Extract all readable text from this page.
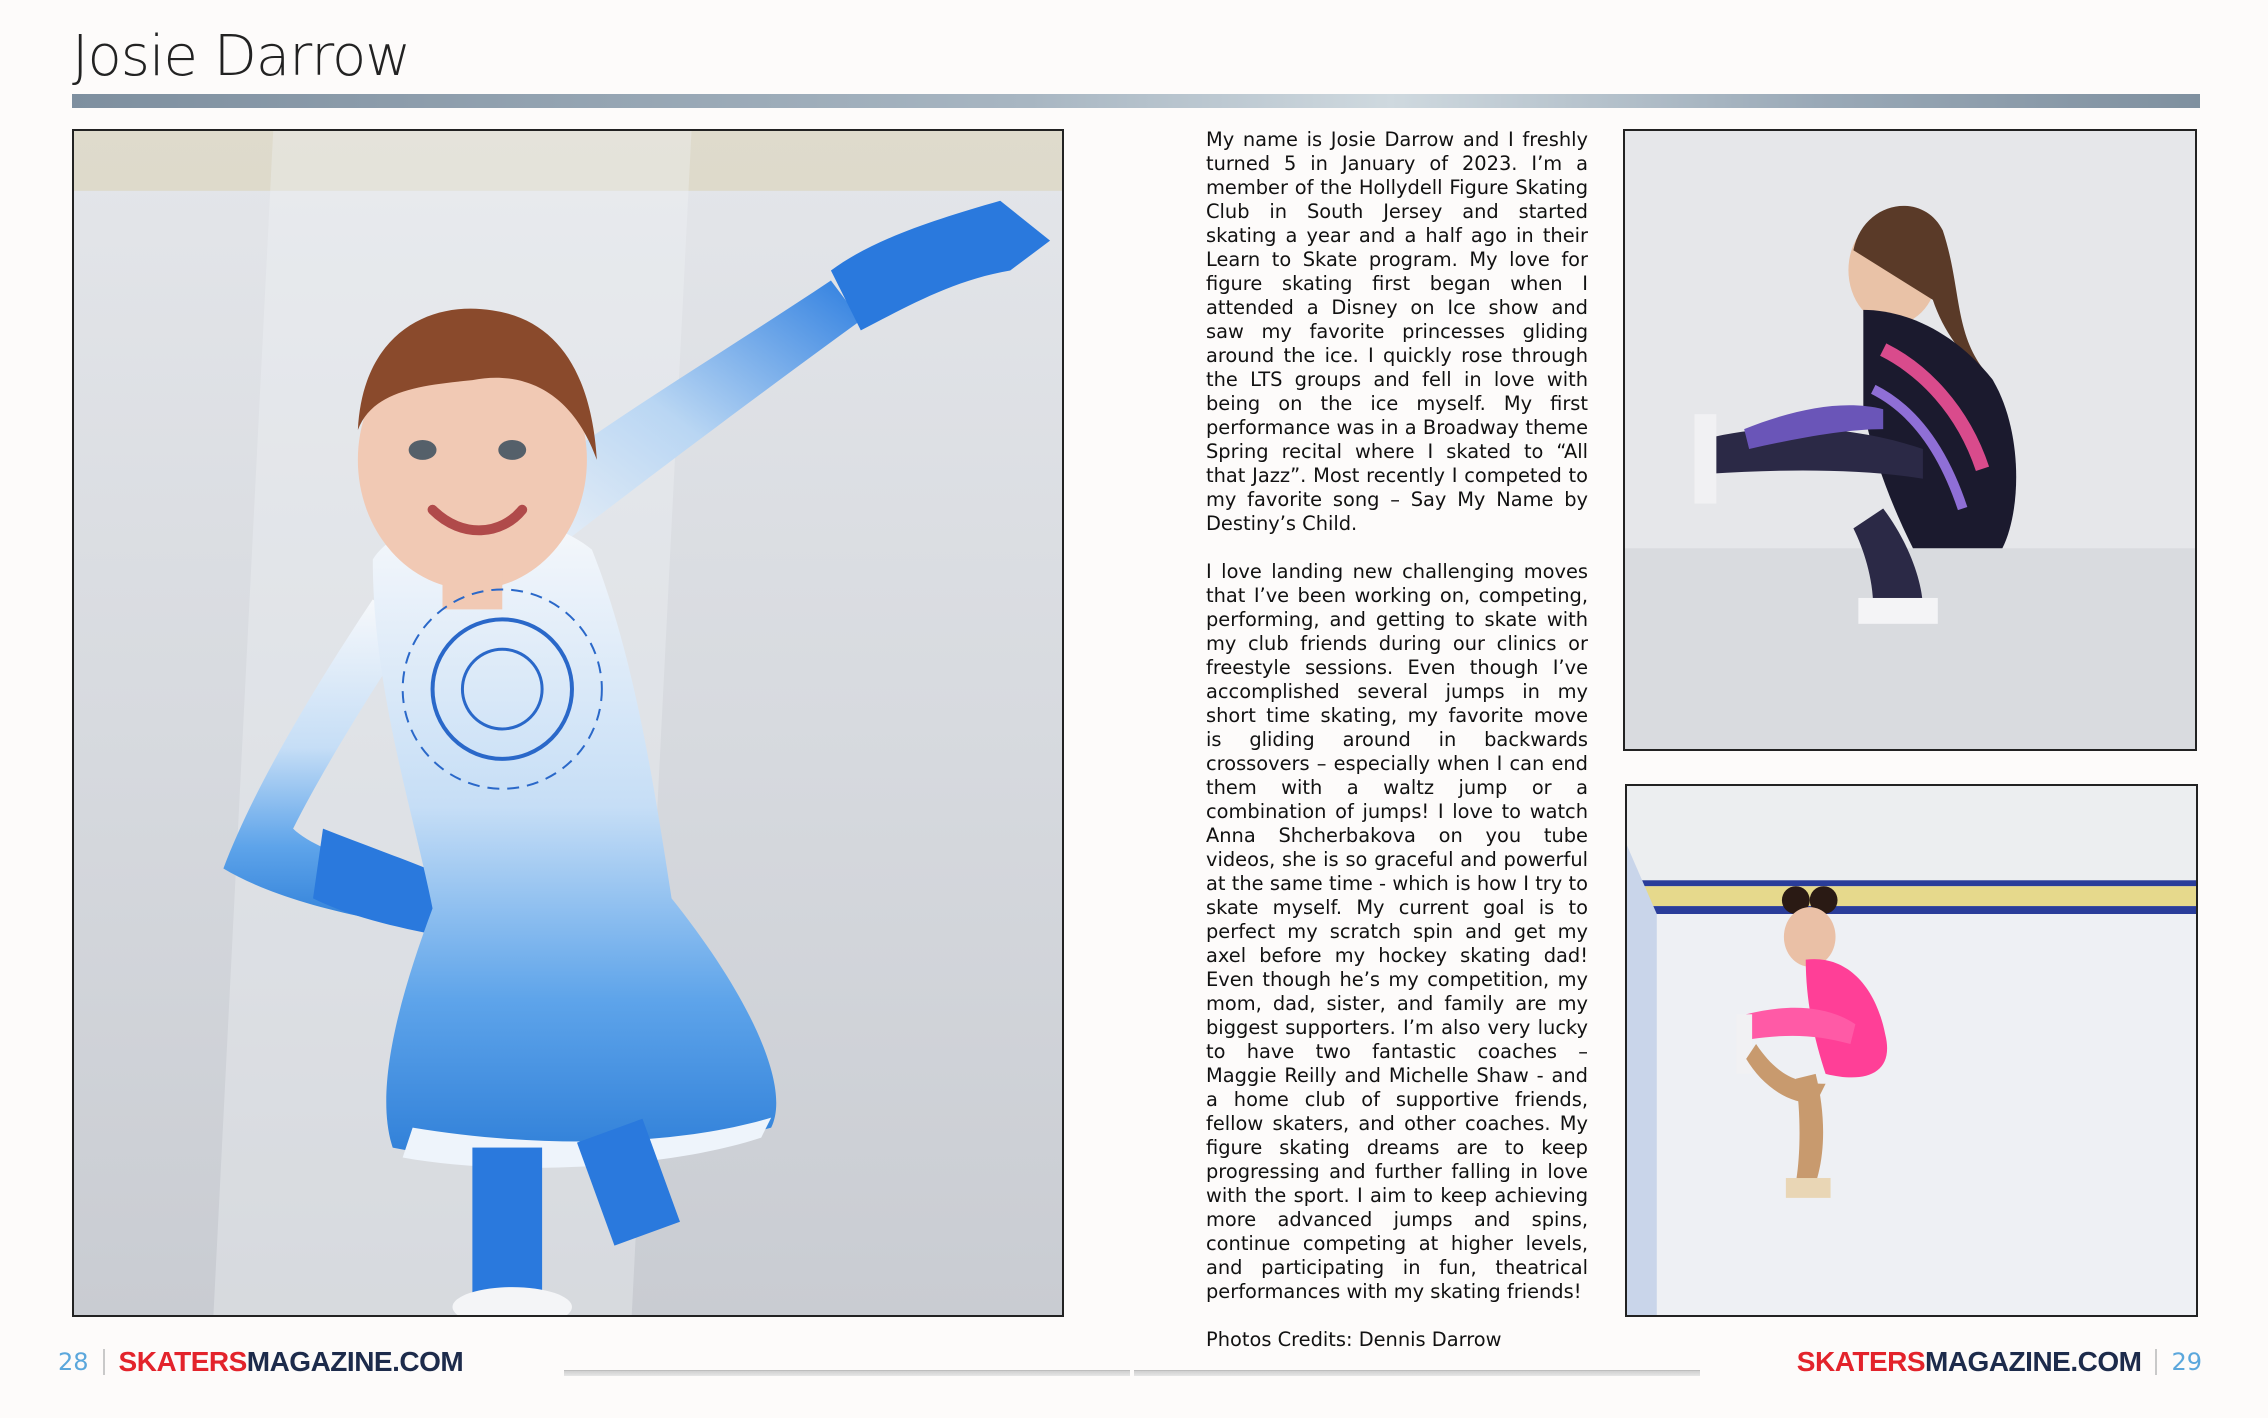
Josie Darrow

My name is Josie Darrow and I freshly turned 5 in January of 2023. I’m a member of the Hollydell Figure Skating Club in South Jersey and started skating a year and a half ago in their Learn to Skate program. My love for figure skating first began when I attended a Disney on Ice show and saw my favorite princesses gliding around the ice. I quickly rose through the LTS groups and fell in love with being on the ice myself. My first performance was in a Broadway theme Spring recital where I skated to “All that Jazz”. Most recently I competed to my favorite song – Say My Name by Destiny’s Child.

I love landing new challenging moves that I’ve been working on, competing, performing, and getting to skate with my club friends during our clinics or freestyle sessions. Even though I’ve accomplished several jumps in my short time skating, my favorite move is gliding around in backwards crossovers – especially when I can end them with a waltz jump or a combination of jumps! I love to watch Anna Shcherbakova on you tube videos, she is so graceful and powerful at the same time - which is how I try to skate myself. My current goal is to perfect my scratch spin and get my axel before my hockey skating dad! Even though he’s my competition, my mom, dad, sister, and family are my biggest supporters. I’m also very lucky to have two fantastic coaches – Maggie Reilly and Michelle Shaw - and a home club of supportive friends, fellow skaters, and other coaches. My figure skating dreams are to keep progressing and further falling in love with the sport. I aim to keep achieving more advanced jumps and spins, continue competing at higher levels, and participating in fun, theatrical performances with my skating friends!

Photos Credits: Dennis Darrow

28 SKATERSMAGAZINE.COM	SKATERSMAGAZINE.COM 29
